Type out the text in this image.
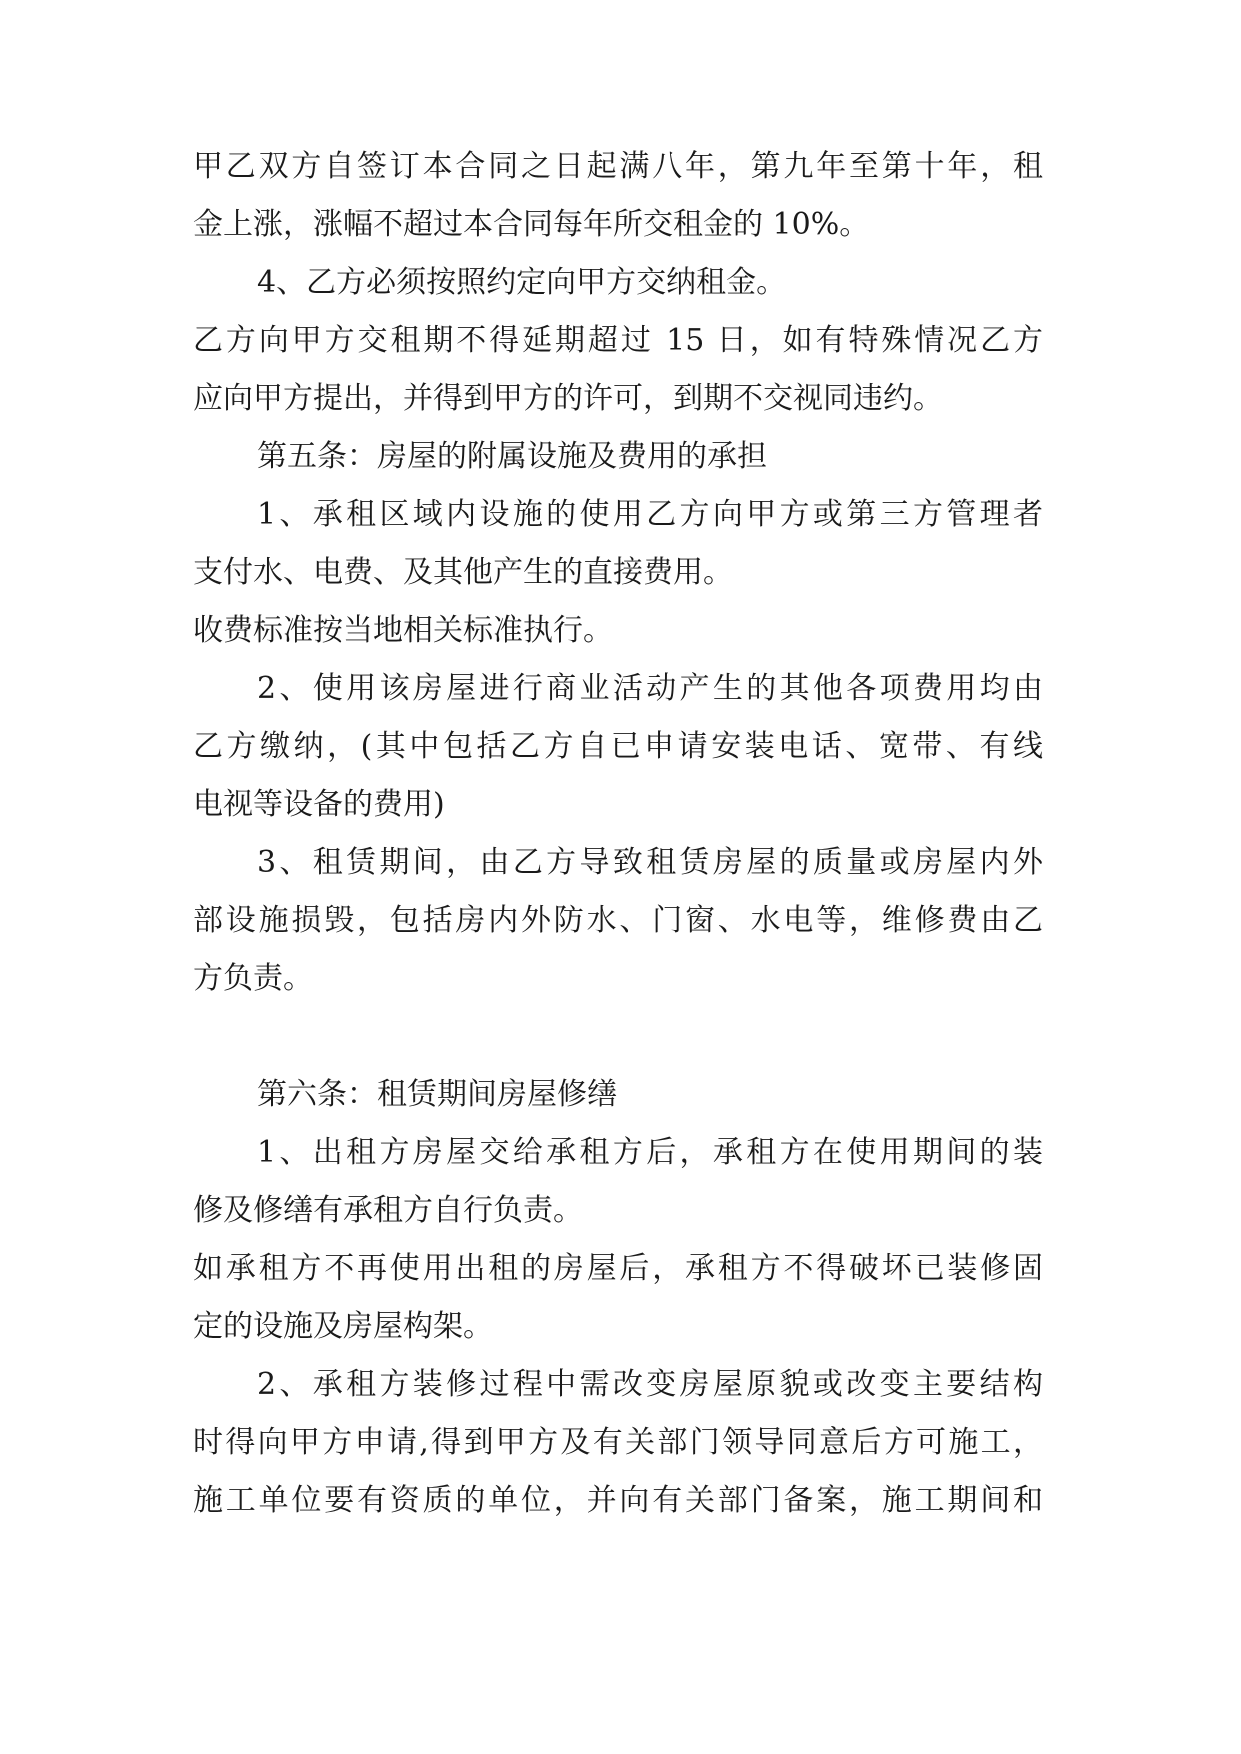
甲乙双方自签订本合同之日起满八年，第九年至第十年，租
金上涨，涨幅不超过本合同每年所交租金的 10%。
4、乙方必须按照约定向甲方交纳租金。
乙方向甲方交租期不得延期超过 15 日，如有特殊情况乙方
应向甲方提出，并得到甲方的许可，到期不交视同违约。
第五条：房屋的附属设施及费用的承担
1、承租区域内设施的使用乙方向甲方或第三方管理者
支付水、电费、及其他产生的直接费用。
收费标准按当地相关标准执行。
2、使用该房屋进行商业活动产生的其他各项费用均由
乙方缴纳，(其中包括乙方自已申请安装电话、宽带、有线
电视等设备的费用)
3、租赁期间，由乙方导致租赁房屋的质量或房屋内外
部设施损毁，包括房内外防水、门窗、水电等，维修费由乙
方负责。
第六条：租赁期间房屋修缮
1、出租方房屋交给承租方后，承租方在使用期间的装
修及修缮有承租方自行负责。
如承租方不再使用出租的房屋后，承租方不得破坏已装修固
定的设施及房屋构架。
2、承租方装修过程中需改变房屋原貌或改变主要结构
时得向甲方申请,得到甲方及有关部门领导同意后方可施工，
施工单位要有资质的单位，并向有关部门备案，施工期间和
